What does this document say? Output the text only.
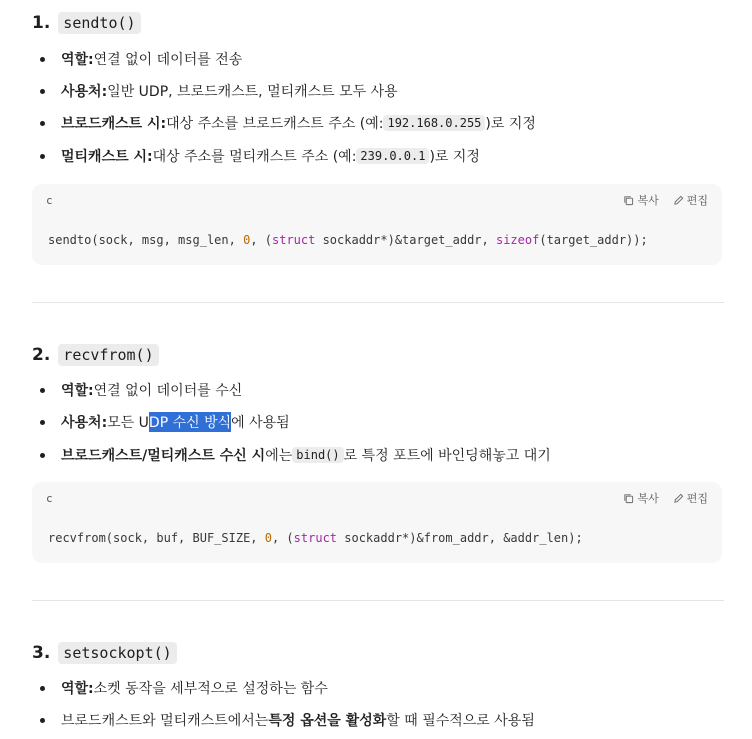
1. sendto()
역할: 연결 없이 데이터를 전송
사용처: 일반 UDP, 브로드캐스트, 멀티캐스트 모두 사용
브로드캐스트 시: 대상 주소를 브로드캐스트 주소 (예: 192.168.0.255 )로 지정
멀티캐스트 시: 대상 주소를 멀티캐스트 주소 (예: 239.0.0.1 )로 지정
c	복사	편집
sendto(sock, msg, msg_len, 0, (struct sockaddr*)&target_addr, sizeof(target_addr));
2. recvfrom()
역할: 연결 없이 데이터를 수신
사용처: 모든 U DP 수신 방식 에 사용됨
브로드캐스트/멀티캐스트 수신 시 에는 bind() 로 특정 포트에 바인딩해놓고 대기
c	복사	편집
recvfrom(sock, buf, BUF_SIZE, 0, (struct sockaddr*)&from_addr, &addr_len);
3. setsockopt()
역할: 소켓 동작을 세부적으로 설정하는 함수
브로드캐스트와 멀티캐스트에서는 특정 옵션을 활성화 할 때 필수적으로 사용됨
